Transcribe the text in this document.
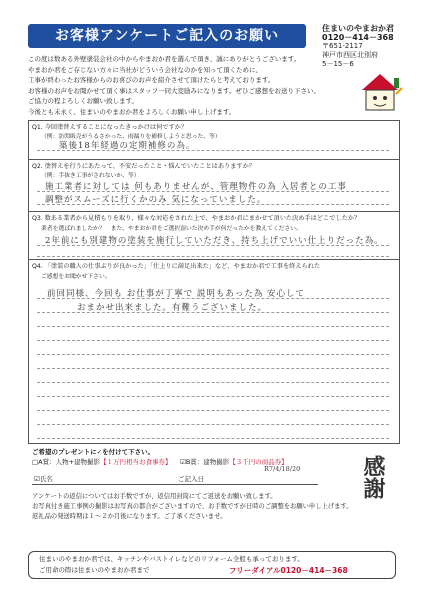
お客様アンケートご記入のお願い	住まいのやまおか君
0120－414－368
〒651-2117
神戸市西区北別府
5－15－6
この度は数ある外壁塗装会社の中からやまおか君を選んで頂き、誠にありがとうございます。
やまおか君をご存じない方々に当社がどういう会社なのかを知って頂くために、
工事が終わったお客様からのお喜びのお声を紹介させて頂けたらと考えております。
お客様のお声をお聞かせて頂く事はスタッフ一同大変励みになります。ぜひご感想をお送り下さい。
ご協力の程よろしくお願い致します。
今後とも末永く、住まいのやまおか君をよろしくお願い申し上げます。
Q1. 今回塗替えすることになったきっかけは何ですか？
（例：訪問販売がうるさかった、雨漏りを補修しようと思った、等）
築後18年経過の定期補修の為。
Q2. 塗替えを行うにあたって、不安だったこと・悩んでいたことはありますか？
（例：手抜き工事がされないか、等）
施工業者に対しては 何もありませんが、管理物件の為 入居者との工事
調整がスムーズに行くかのみ 気になっていました。
Q3. 数ある業者から見積もりを取り、様々な対応をされた上で、やまおか君にまかせて頂いた決め手はどこでしたか？
業者を選ばれましたか？　また、やまおか君をご選択頂いた決め手が何だったかを教えてください。
2年前にも別建物の塗装を施行していただき、持ち上げでいい仕上りだった為。
Q4. 「塗装の職人の仕事ぶりが良かった」「仕上りに満足出来た」など、やまおか君で工事を終えられた
ご感想をお聞かせ下さい。
前回同様、今回も お仕事が丁寧で 説明もあった為 安心して
おまかせ出来ました。有難うございました。
ご希望のプレゼントに✓を付けて下さい。
□A賞：人物+建物撮影【１万円相当お食事券】 ☑B賞：建物撮影【３千円の商品券】
☑氏名	ご記入日
R7/4/18/20	感謝
アンケートの返信についてはお手数ですが、返信用封筒にてご返送をお願い致します。
お写真付き施工事例の撮影はお写真の都合がございますので、お手数ですが日時のご調整をお願い申し上げます。
返礼品の発送時期は１～２か月後になります。ご了承くださいませ。
住まいのやまおか君では、キッチンやバストイレなどのリフォーム全般も承っております。
ご用命の際は住まいのやまおか君まで	フリーダイアル0120－414－368
